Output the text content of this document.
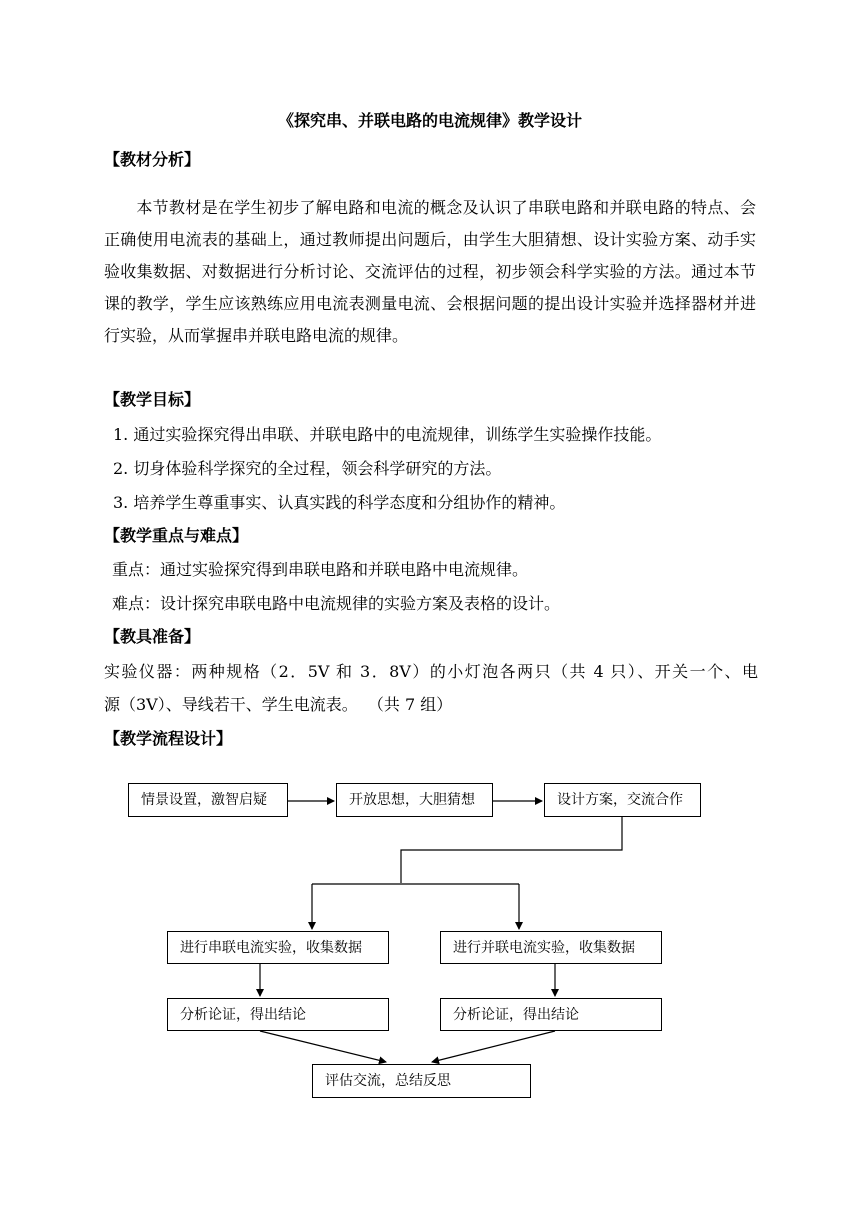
《探究串、并联电路的电流规律》教学设计
【教材分析】
本节教材是在学生初步了解电路和电流的概念及认识了串联电路和并联电路的特点、会正确使用电流表的基础上，通过教师提出问题后，由学生大胆猜想、设计实验方案、动手实验收集数据、对数据进行分析讨论、交流评估的过程，初步领会科学实验的方法。通过本节课的教学，学生应该熟练应用电流表测量电流、会根据问题的提出设计实验并选择器材并进行实验，从而掌握串并联电路电流的规律。
【教学目标】
1. 通过实验探究得出串联、并联电路中的电流规律，训练学生实验操作技能。
2. 切身体验科学探究的全过程，领会科学研究的方法。
3. 培养学生尊重事实、认真实践的科学态度和分组协作的精神。
【教学重点与难点】
重点：通过实验探究得到串联电路和并联电路中电流规律。
难点：设计探究串联电路中电流规律的实验方案及表格的设计。
【教具准备】
实验仪器：两种规格（2．5V 和 3．8V）的小灯泡各两只（共 4 只）、开关一个、电
源（3V）、导线若干、学生电流表。  （共 7 组）
【教学流程设计】
情景设置，激智启疑	开放思想，大胆猜想	设计方案，交流合作
进行串联电流实验，收集数据	进行并联电流实验，收集数据
分析论证，得出结论	分析论证，得出结论
评估交流，总结反思
